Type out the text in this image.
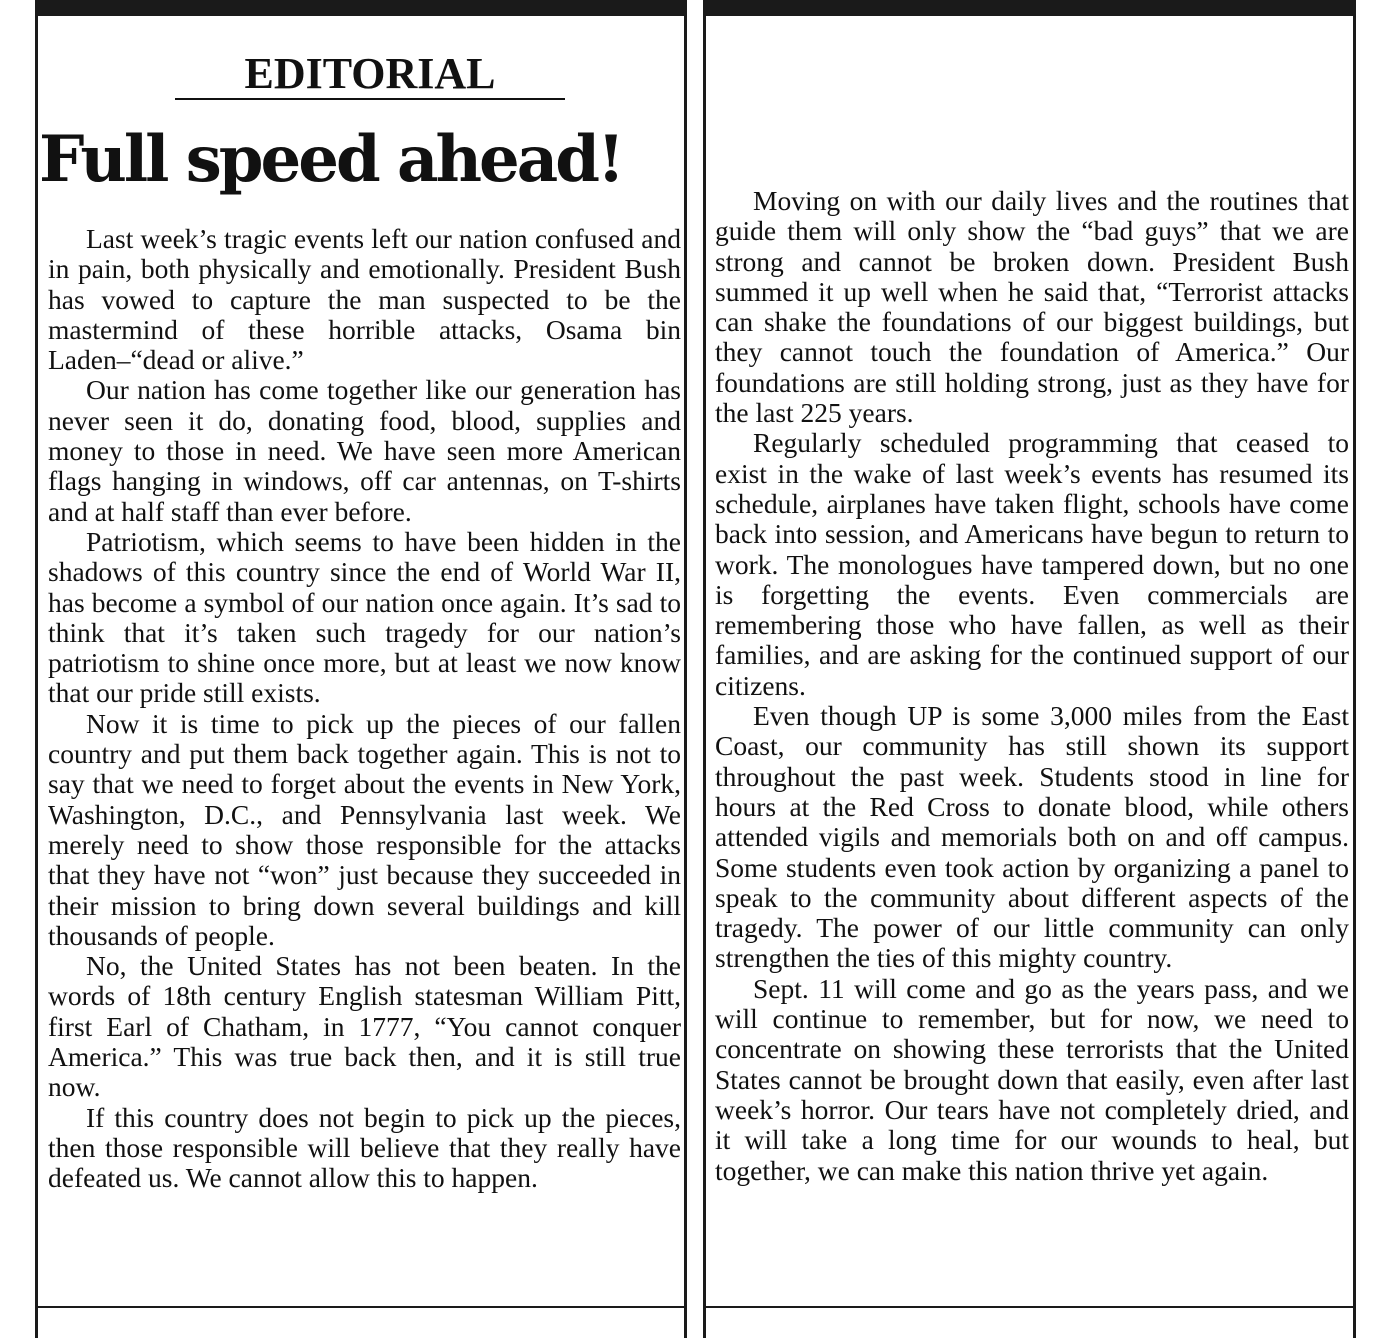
EDITORIAL
Full speed ahead!

Last week’s tragic events left our nation confused and in pain, both physically and emotionally. President Bush has vowed to capture the man suspected to be the mastermind of these horrible attacks, Osama bin Laden–“dead or alive.”

Our nation has come together like our generation has never seen it do, donating food, blood, supplies and money to those in need. We have seen more American flags hanging in windows, off car antennas, on T-shirts and at half staff than ever before.

Patriotism, which seems to have been hidden in the shadows of this country since the end of World War II, has become a symbol of our nation once again. It’s sad to think that it’s taken such tragedy for our nation’s patriotism to shine once more, but at least we now know that our pride still exists.

Now it is time to pick up the pieces of our fallen country and put them back together again. This is not to say that we need to forget about the events in New York, Washington, D.C., and Pennsylvania last week. We merely need to show those responsible for the attacks that they have not “won” just because they succeeded in their mission to bring down several buildings and kill thousands of people.

No, the United States has not been beaten. In the words of 18th century English statesman William Pitt, first Earl of Chatham, in 1777, “You cannot conquer America.” This was true back then, and it is still true now.

If this country does not begin to pick up the pieces, then those responsible will believe that they really have defeated us. We cannot allow this to happen.

Moving on with our daily lives and the routines that guide them will only show the “bad guys” that we are strong and cannot be broken down. President Bush summed it up well when he said that, “Terrorist attacks can shake the foundations of our biggest buildings, but they cannot touch the foundation of America.” Our foundations are still holding strong, just as they have for the last 225 years.

Regularly scheduled programming that ceased to exist in the wake of last week’s events has resumed its schedule, airplanes have taken flight, schools have come back into session, and Americans have begun to return to work. The monologues have tampered down, but no one is forgetting the events. Even commercials are remembering those who have fallen, as well as their families, and are asking for the continued support of our citizens.

Even though UP is some 3,000 miles from the East Coast, our community has still shown its support throughout the past week. Students stood in line for hours at the Red Cross to donate blood, while others attended vigils and memorials both on and off campus. Some students even took action by organizing a panel to speak to the community about different aspects of the tragedy. The power of our little community can only strengthen the ties of this mighty country.

Sept. 11 will come and go as the years pass, and we will continue to remember, but for now, we need to concentrate on showing these terrorists that the United States cannot be brought down that easily, even after last week’s horror. Our tears have not completely dried, and it will take a long time for our wounds to heal, but together, we can make this nation thrive yet again.
